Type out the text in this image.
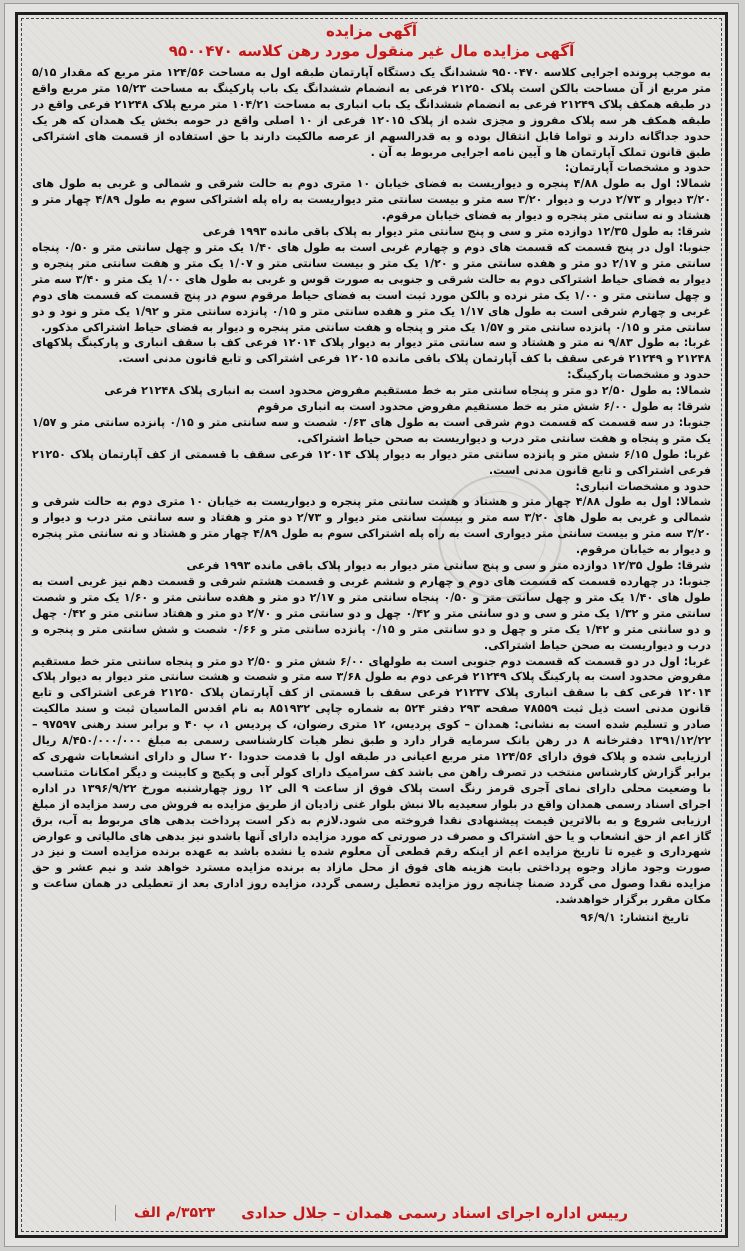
آگهی مزایده
آگهی مزایده مال غیر منقول مورد رهن کلاسه ۹۵۰۰۴۷۰

به موجب پرونده اجرایی کلاسه ۹۵۰۰۴۷۰ ششدانگ یک دستگاه آپارتمان طبقه اول به مساحت ۱۲۴/۵۶ متر مربع که مقدار ۵/۱۵ متر مربع از آن مساحت بالکن است پلاک ۲۱۲۵۰ فرعی به انضمام ششدانگ یک باب پارکینگ به مساحت ۱۵/۲۳ متر مربع واقع در طبقه همکف پلاک ۲۱۲۴۹ فرعی به انضمام ششدانگ یک باب انباری به مساحت ۱۰۴/۲۱ متر مربع پلاک ۲۱۲۴۸ فرعی واقع در طبقه همکف هر سه پلاک مفروز و مجزی شده از پلاک ۱۲۰۱۵ فرعی از ۱۰ اصلی واقع در حومه بخش یک همدان که هر یک حدود جداگانه دارند و تواما قابل انتقال بوده و به قدرالسهم از عرصه مالکیت دارند با حق استفاده از قسمت های اشتراکی طبق قانون تملک آپارتمان ها و آیین نامه اجرایی مربوط به آن .

حدود و مشخصات آپارتمان:

شمالا: اول به طول ۴/۸۸ پنجره و دیواریست به فضای خیابان ۱۰ متری دوم به حالت شرقی و شمالی و غربی به طول های ۳/۲۰ دیوار و ۲/۷۳ درب و دیوار ۳/۲۰ سه متر و بیست سانتی متر دیواریست به راه پله اشتراکی سوم به طول ۴/۸۹ چهار متر و هشتاد و نه سانتی متر پنجره و دیوار به فضای خیابان مرقوم.

شرقا: به طول ۱۲/۳۵ دوازده متر و سی و پنج سانتی متر دیوار به پلاک باقی مانده ۱۹۹۳ فرعی

جنوبا: اول در پنج قسمت که قسمت های دوم و چهارم غربی است به طول های ۱/۴۰ یک متر و چهل سانتی متر و ۰/۵۰ پنجاه سانتی متر و ۲/۱۷ دو متر و هفده سانتی متر و ۱/۲۰ یک متر و بیست سانتی متر و ۱/۰۷ یک متر و هفت سانتی متر پنجره و دیوار به فضای حیاط اشتراکی دوم به حالت شرقی و جنوبی به صورت قوس و غربی به طول های ۱/۰۰ یک متر و ۳/۴۰ سه متر و چهل سانتی متر و ۱/۰۰ یک متر نرده و بالکن مورد ثبت است به فضای حیاط مرقوم سوم در پنج قسمت که قسمت های دوم غربی و چهارم شرقی است به طول های ۱/۱۷ یک متر و هفده سانتی متر و ۰/۱۵ پانزده سانتی متر و ۱/۹۲ یک متر و نود و دو سانتی متر و ۰/۱۵ پانزده سانتی متر و ۱/۵۷ یک متر و پنجاه و هفت سانتی متر پنجره و دیوار به فضای حیاط اشتراکی مذکور.

غربا: به طول ۹/۸۳ نه متر و هشتاد و سه سانتی متر دیوار به دیوار پلاک ۱۲۰۱۴ فرعی کف با سقف انباری و پارکینگ پلاکهای ۲۱۲۴۸ و ۲۱۲۴۹ فرعی سقف با کف آپارتمان پلاک باقی مانده ۱۲۰۱۵ فرعی اشتراکی و تابع قانون مدنی است.

حدود و مشخصات پارکینگ:

شمالا: به طول ۲/۵۰ دو متر و پنجاه سانتی متر به خط مستقیم مفروض محدود است به انباری پلاک ۲۱۲۴۸ فرعی

شرقا: به طول ۶/۰۰ شش متر به خط مستقیم مفروض محدود است به انباری مرقوم

جنوبا: در سه قسمت که قسمت دوم شرقی است به طول های ۰/۶۳ شصت و سه سانتی متر و ۰/۱۵ پانزده سانتی متر و ۱/۵۷ یک متر و پنجاه و هفت سانتی متر درب و دیواریست به صحن حیاط اشتراکی.

غربا: طول ۶/۱۵ شش متر و پانزده سانتی متر دیوار به دیوار پلاک ۱۲۰۱۴ فرعی سقف با قسمتی از کف آپارتمان پلاک ۲۱۲۵۰ فرعی اشتراکی و تابع قانون مدنی است.

حدود و مشخصات انباری:

شمالا: اول به طول ۴/۸۸ چهار متر و هشتاد و هشت سانتی متر پنجره و دیواریست به خیابان ۱۰ متری دوم به حالت شرقی و شمالی و غربی به طول های ۳/۲۰ سه متر و بیست سانتی متر دیوار و ۲/۷۳ دو متر و هفتاد و سه سانتی متر درب و دیوار و ۳/۲۰ سه متر و بیست سانتی متر دیواری است به راه پله اشتراکی سوم به طول ۴/۸۹ چهار متر و هشتاد و نه سانتی متر پنجره و دیوار به خیابان مرقوم.

شرقا: طول ۱۲/۳۵ دوازده متر و سی و پنج سانتی متر دیوار به دیوار پلاک باقی مانده ۱۹۹۳ فرعی

جنوبا: در چهارده قسمت که قسمت های دوم و چهارم و ششم غربی و قسمت هشتم شرقی و قسمت دهم نیز غربی است به طول های ۱/۴۰ یک متر و چهل سانتی متر و ۰/۵۰ پنجاه سانتی متر و ۲/۱۷ دو متر و هفده سانتی متر و ۱/۶۰ یک متر و شصت سانتی متر و ۱/۳۲ یک متر و سی و دو سانتی متر و ۰/۴۲ چهل و دو سانتی متر و ۲/۷۰ دو متر و هفتاد سانتی متر و ۰/۴۲ چهل و دو سانتی متر و ۱/۴۲ یک متر و چهل و دو سانتی متر و ۰/۱۵ پانزده سانتی متر و ۰/۶۶ شصت و شش سانتی متر و پنجره و درب و دیواریست به صحن حیاط اشتراکی.

غربا: اول در دو قسمت که قسمت دوم جنوبی است به طولهای ۶/۰۰ شش متر و ۲/۵۰ دو متر و پنجاه سانتی متر خط مستقیم مفروض محدود است به پارکینگ پلاک ۲۱۲۴۹ فرعی دوم به طول ۳/۶۸ سه متر و شصت و هشت سانتی متر دیوار به دیوار پلاک ۱۲۰۱۴ فرعی کف با سقف انباری پلاک ۲۱۲۳۷ فرعی سقف با قسمتی از کف آپارتمان پلاک ۲۱۲۵۰ فرعی اشتراکی و تابع قانون مدنی است ذیل ثبت ۷۸۵۵۹ صفحه ۲۹۳ دفتر ۵۲۴ به شماره چاپی ۸۵۱۹۳۲ به نام اقدس الماسیان ثبت و سند مالکیت صادر و تسلیم شده است به نشانی: همدان – کوی پردیس، ۱۲ متری رضوان، ک پردیس ۱، پ ۴۰ و برابر سند رهنی ۹۷۵۹۷ – ۱۳۹۱/۱۲/۲۲ دفترخانه ۸ در رهن بانک سرمایه قرار دارد و طبق نظر هیات کارشناسی رسمی به مبلغ ۸/۴۵۰/۰۰۰/۰۰۰ ریال ارزیابی شده و پلاک فوق دارای ۱۲۴/۵۶ متر مربع اعیانی در طبقه اول با قدمت حدودا ۲۰ سال و دارای انشعابات شهری که برابر گزارش کارشناس منتخب در تصرف راهن می باشد کف سرامیک دارای کولر آبی و پکیج و کابینت و دیگر امکانات متناسب با وضعیت محلی دارای نمای آجری قرمز رنگ است پلاک فوق از ساعت ۹ الی ۱۲ روز چهارشنبه مورخ ۱۳۹۶/۹/۲۲ در اداره اجرای اسناد رسمی همدان واقع در بلوار سعیدیه بالا نبش بلوار غنی زادیان از طریق مزایده به فروش می رسد مزایده از مبلغ ارزیابی شروع و به بالاترین قیمت پیشنهادی نقدا فروخته می شود.لازم به ذکر است پرداخت بدهی های مربوط به آب، برق گاز اعم از حق انشعاب و یا حق اشتراک و مصرف در صورتی که مورد مزایده دارای آنها باشدو نیز بدهی های مالیاتی و عوارض شهرداری و غیره تا تاریخ مزایده اعم از اینکه رقم قطعی آن معلوم شده یا نشده باشد به عهده برنده مزایده است و نیز در صورت وجود مازاد وجوه پرداختی بابت هزینه های فوق از محل مازاد به برنده مزایده مسترد خواهد شد و نیم عشر و حق مزایده نقدا وصول می گردد ضمنا چنانچه روز مزایده تعطیل رسمی گردد، مزایده روز اداری بعد از تعطیلی در همان ساعت و مکان مقرر برگزار خواهدشد.

تاریخ انتشار: ۹۶/۹/۱

رییس اداره اجرای اسناد رسمی همدان – جلال حدادی
۳۵۲۳/م الف
